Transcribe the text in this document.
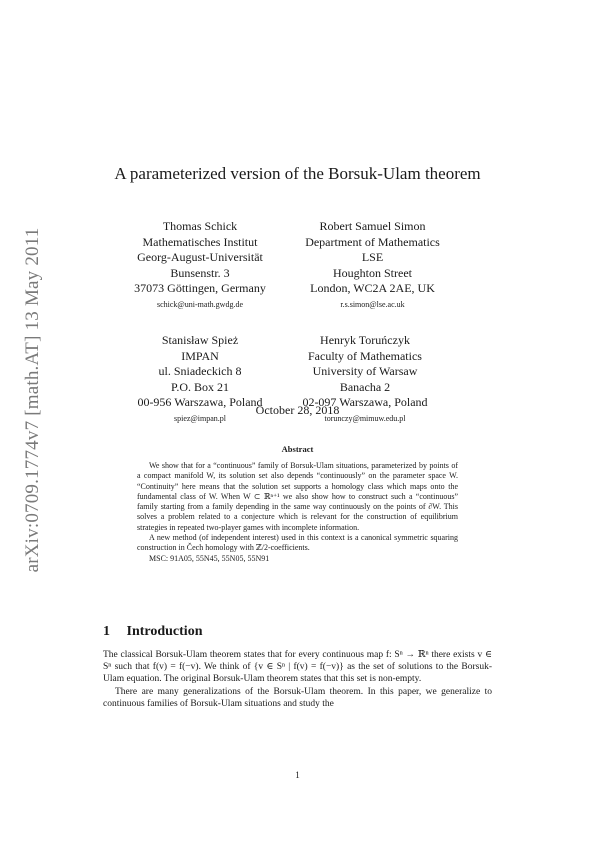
arXiv:0709.1774v7 [math.AT] 13 May 2011
A parameterized version of the Borsuk-Ulam theorem
Thomas Schick
Mathematisches Institut
Georg-August-Universität
Bunsenstr. 3
37073 Göttingen, Germany
schick@uni-math.gwdg.de
Robert Samuel Simon
Department of Mathematics
LSE
Houghton Street
London, WC2A 2AE, UK
r.s.simon@lse.ac.uk
Stanisław Spież
IMPAN
ul. Sniadeckich 8
P.O. Box 21
00-956 Warszawa, Poland
spiez@impan.pl
Henryk Toruńczyk
Faculty of Mathematics
University of Warsaw
Banacha 2
02-097 Warszawa, Poland
torunczy@mimuw.edu.pl
October 28, 2018
Abstract

We show that for a “continuous” family of Borsuk-Ulam situations, parameterized by points of a compact manifold W, its solution set also depends “continuously” on the parameter space W. “Continuity” here means that the solution set supports a homology class which maps onto the fundamental class of W. When W ⊂ ℝⁿ⁺¹ we also show how to construct such a “continuous” family starting from a family depending in the same way continuously on the points of ∂W. This solves a problem related to a conjecture which is relevant for the construction of equilibrium strategies in repeated two-player games with incomplete information.

A new method (of independent interest) used in this context is a canonical symmetric squaring construction in Čech homology with ℤ/2-coefficients.

MSC: 91A05, 55N45, 55N05, 55N91
1 Introduction

The classical Borsuk-Ulam theorem states that for every continuous map f: Sⁿ → ℝⁿ there exists v ∈ Sⁿ such that f(v) = f(−v). We think of {v ∈ Sⁿ | f(v) = f(−v)} as the set of solutions to the Borsuk-Ulam equation. The original Borsuk-Ulam theorem states that this set is non-empty.

There are many generalizations of the Borsuk-Ulam theorem. In this paper, we generalize to continuous families of Borsuk-Ulam situations and study the

1
